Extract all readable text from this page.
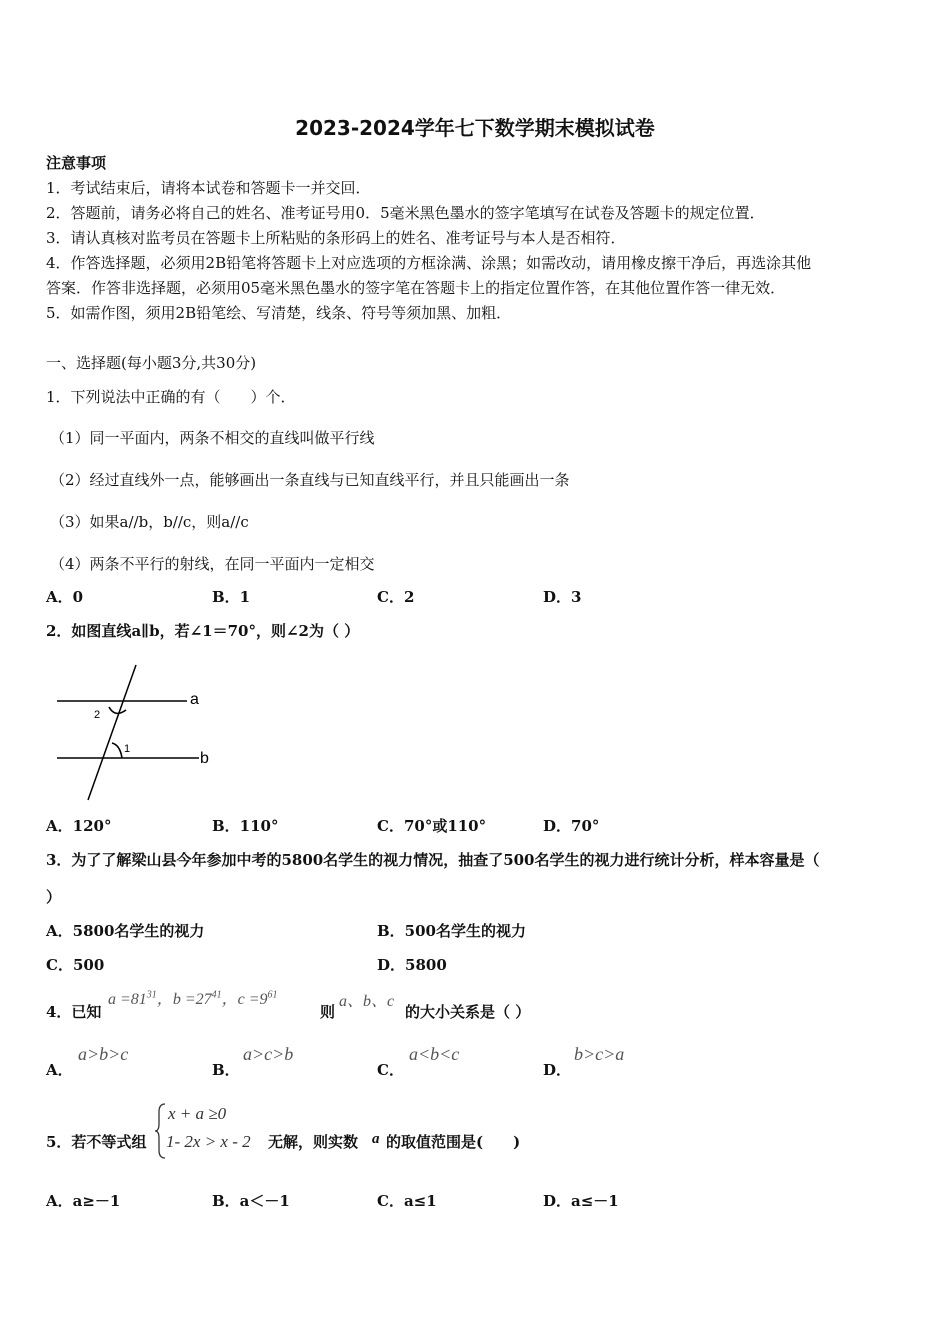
2023-2024学年七下数学期末模拟试卷
注意事项
1．考试结束后，请将本试卷和答题卡一并交回．
2．答题前，请务必将自己的姓名、准考证号用0．5毫米黑色墨水的签字笔填写在试卷及答题卡的规定位置．
3．请认真核对监考员在答题卡上所粘贴的条形码上的姓名、准考证号与本人是否相符．
4．作答选择题，必须用2B铅笔将答题卡上对应选项的方框涂满、涂黑；如需改动，请用橡皮擦干净后，再选涂其他
答案．作答非选择题，必须用05毫米黑色墨水的签字笔在答题卡上的指定位置作答，在其他位置作答一律无效．
5．如需作图，须用2B铅笔绘、写清楚，线条、符号等须加黑、加粗．
一、选择题(每小题3分,共30分)
1．下列说法中正确的有（　　）个．
（1）同一平面内，两条不相交的直线叫做平行线
（2）经过直线外一点，能够画出一条直线与已知直线平行，并且只能画出一条
（3）如果a//b，b//c，则a//c
（4）两条不平行的射线，在同一平面内一定相交
A．0	B．1	C．2	D．3
2．如图直线a∥b，若∠1＝70°，则∠2为（ ）
a
b
1
2
A．120°	B．110°	C．70°或110°	D．70°
3．为了了解梁山县今年参加中考的5800名学生的视力情况，抽查了500名学生的视力进行统计分析，样本容量是（
）
A．5800名学生的视力	B．500名学生的视力
C．500	D．5800
4．已知
$a =81^{31}$，$b =27^{41}$，$c =9^{61}$
则
a、b、c
的大小关系是（ ）
A．
a>b>c
B．
a>c>b
C．
a<b<c
D．
b>c>a
5．若不等式组
x + a ≥0
1- 2x > x - 2 无解，则实数 a 的取值范围是(　　)
A．a≥－1	B．a＜－1	C．a≤1	D．a≤－1
